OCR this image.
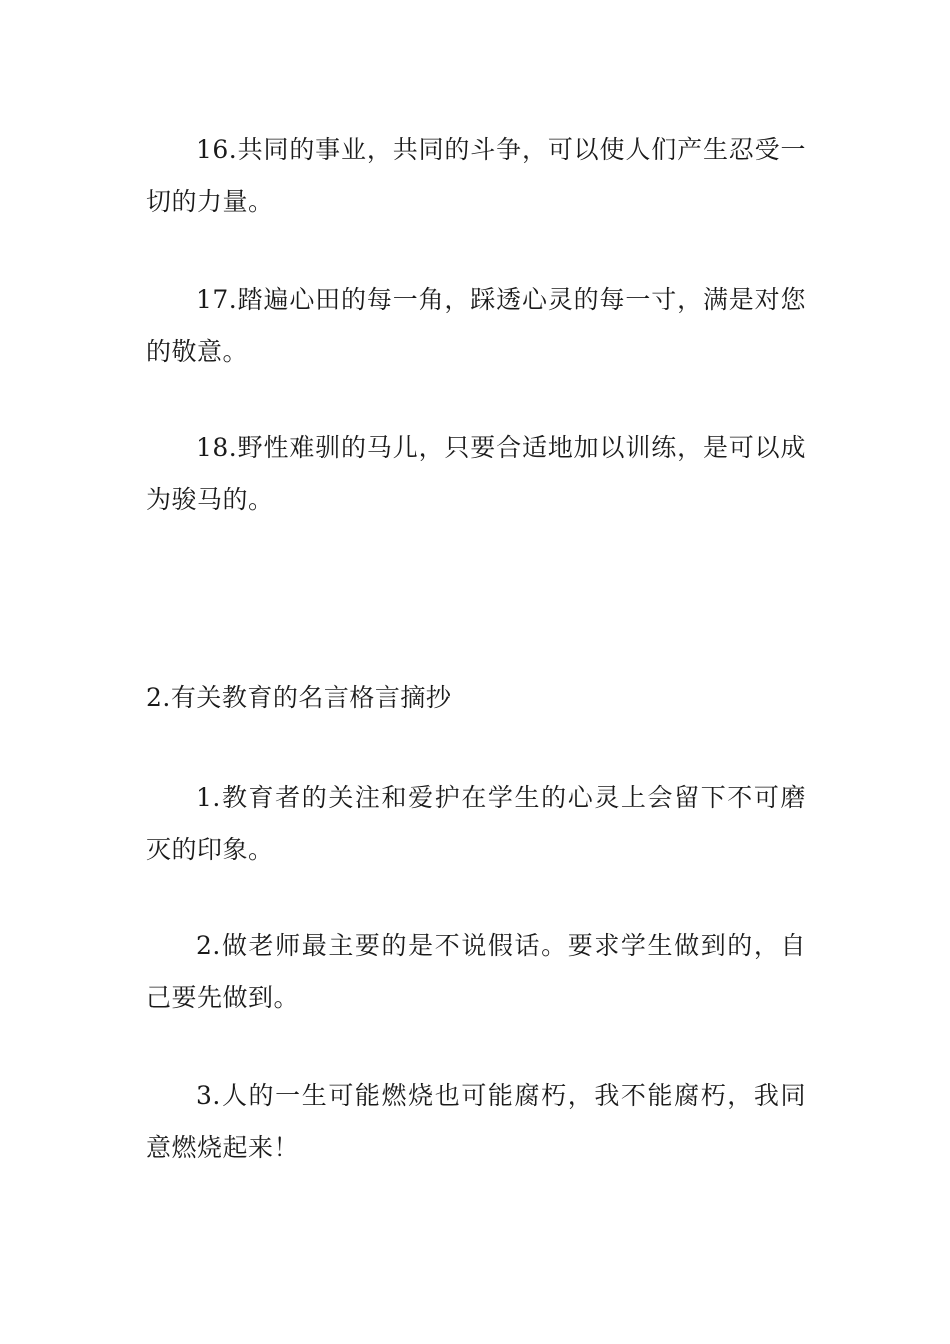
16.共同的事业，共同的斗争，可以使人们产生忍受一切的力量。

17.踏遍心田的每一角，踩透心灵的每一寸，满是对您的敬意。

18.野性难驯的马儿，只要合适地加以训练，是可以成为骏马的。

2.有关教育的名言格言摘抄

1.教育者的关注和爱护在学生的心灵上会留下不可磨灭的印象。

2.做老师最主要的是不说假话。要求学生做到的，自己要先做到。

3.人的一生可能燃烧也可能腐朽，我不能腐朽，我同意燃烧起来！
